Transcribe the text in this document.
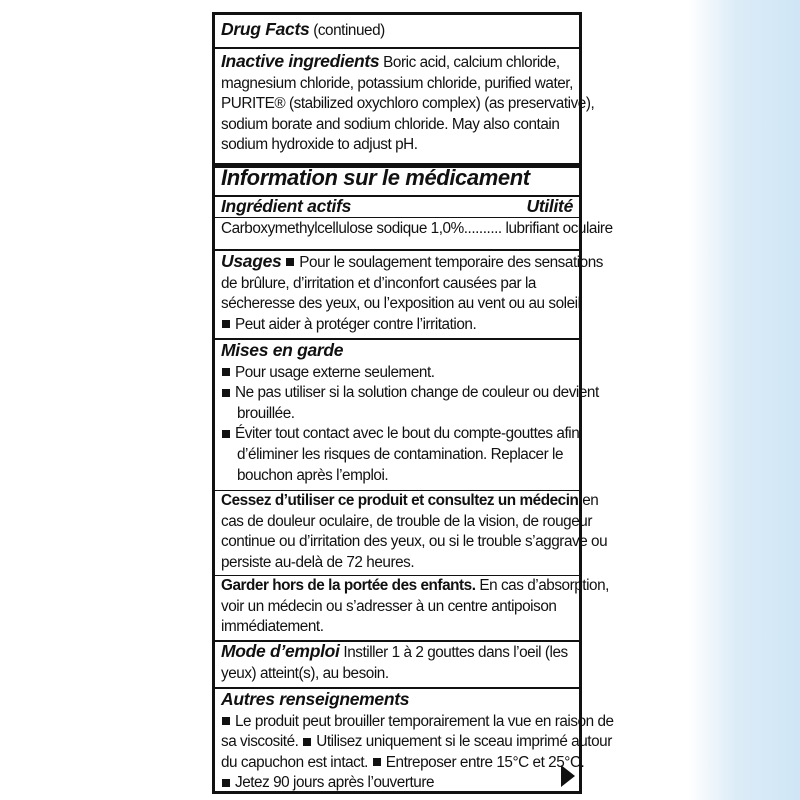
Drug Facts (continued)
Inactive ingredients Boric acid, calcium chloride,
magnesium chloride, potassium chloride, purified water,
PURITE® (stabilized oxychloro complex) (as preservative),
sodium borate and sodium chloride. May also contain
sodium hydroxide to adjust pH.
Information sur le médicament
Ingrédient actifs	Utilité
Carboxymethylcellulose sodique 1,0%.......... lubrifiant oculaire
Usages Pour le soulagement temporaire des sensations
de brûlure, d’irritation et d’inconfort causées par la
sécheresse des yeux, ou l’exposition au vent ou au soleil
Peut aider à protéger contre l’irritation.
Mises en garde
Pour usage externe seulement.
Ne pas utiliser si la solution change de couleur ou devient
brouillée.
Éviter tout contact avec le bout du compte-gouttes afin
d’éliminer les risques de contamination. Replacer le
bouchon après l’emploi.
Cessez d’utiliser ce produit et consultez un médecin en
cas de douleur oculaire, de trouble de la vision, de rougeur
continue ou d’irritation des yeux, ou si le trouble s’aggrave ou
persiste au-delà de 72 heures.
Garder hors de la portée des enfants. En cas d’absorption,
voir un médecin ou s’adresser à un centre antipoison
immédiatement.
Mode d’emploi Instiller 1 à 2 gouttes dans l’oeil (les
yeux) atteint(s), au besoin.
Autres renseignements
Le produit peut brouiller temporairement la vue en raison de
sa viscosité. Utilisez uniquement si le sceau imprimé autour
du capuchon est intact. Entreposer entre 15°C et 25°C.
Jetez 90 jours après l’ouverture
